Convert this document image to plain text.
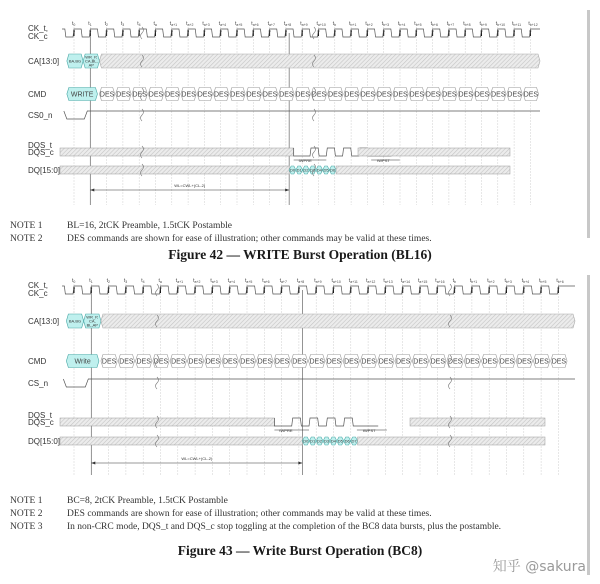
CK_t,
CK_c
CA[13:0]
CMD
CS0_n
DQS_t
DQS_c
DQ[15:0]
$t_0$	$t_1$	$t_2$	$t_3$	$t_4$	$t_a$	$t_{a+1}$ $t_{a+2}$ $t_{a+3}$ $t_{a+4}$ $t_{a+5}$ $t_{a+6}$ $t_{a+7}$ $t_{a+8}$ $t_{a+9}$ $t_{a+10}$ $t_b$	$t_{b+1}$ $t_{b+2}$ $t_{b+3}$ $t_{b+4}$ $t_{b+5}$ $t_{b+6}$ $t_{b+7}$ $t_{b+8}$ $t_{b+9}$ $t_{b+10}$ $t_{b+11}$ $t_{b+12}$
BA,BG
WR_P,
CA,BL,
AP
WRITE DES DES DES DES DES DES DES DES DES DES DES DES DES DES DES DES DES DES DES DES DES DES DES DES DES DES DES
tWPRE	tWPST
D0 D1 D2 D3 D4 D5 D6
WL=CWL+(CL-2)
NOTE 1	BL=16, 2tCK Preamble, 1.5tCK Postamble
NOTE 2	DES commands are shown for ease of illustration; other commands may be valid at these times.
Figure 42 — WRITE Burst Operation (BL16)
CK_t,
CK_c
CA[13:0]
CMD
CS_n
DQS_t
DQS_c
DQ[15:0]
$t_0$	$t_1$	$t_2$	$t_3$	$t_4$	$t_a$	$t_{a+1}$ $t_{a+2}$ $t_{a+3}$ $t_{a+4}$ $t_{a+5}$ $t_{a+6}$ $t_{a+7}$ $t_{a+8}$ $t_{a+9}$ $t_{a+10}$ $t_{a+11}$ $t_{a+12}$ $t_{a+13}$ $t_{a+14}$ $t_{a+15}$ $t_{a+16}$ $t_b$	$t_{b+1}$ $t_{b+2}$ $t_{b+3}$ $t_{b+4}$ $t_{b+5}$ $t_{b+6}$
BA,BG
WR_P,
CA,
BL,AP
Write DES DES DES DES DES DES DES DES DES DES DES DES DES DES DES DES DES DES DES DES DES DES DES DES DES DES DES
tWPRE	tWPST
D0 D1 D2 D3 D4 D5 D6 D7
WL=CWL+(CL-2)
NOTE 1	BC=8, 2tCK Preamble, 1.5tCK Postamble
NOTE 2	DES commands are shown for ease of illustration; other commands may be valid at these times.
NOTE 3	In non-CRC mode, DQS_t and DQS_c stop toggling at the completion of the BC8 data bursts, plus the postamble.
Figure 43 — Write Burst Operation (BC8)
知乎 @sakura
